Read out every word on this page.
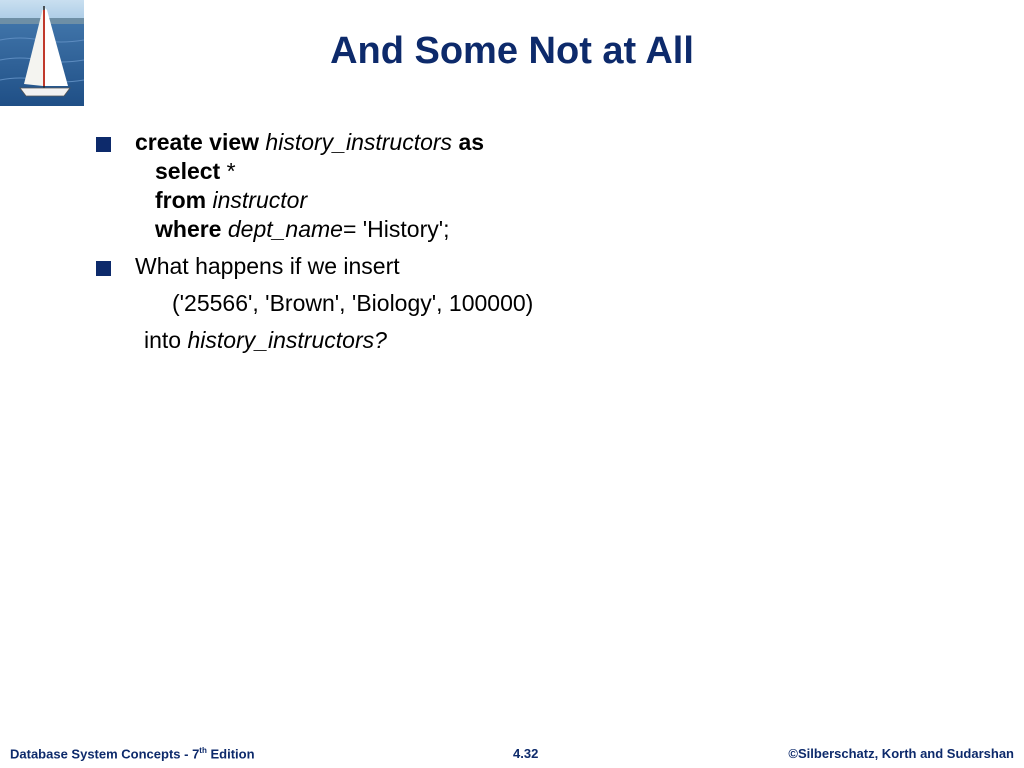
And Some Not at All
create view history_instructors as
select *
from instructor
where dept_name= 'History';
What happens if we insert
('25566', 'Brown', 'Biology', 100000)
into history_instructors?
Database System Concepts - 7th Edition	4.32	©Silberschatz, Korth and Sudarshan
